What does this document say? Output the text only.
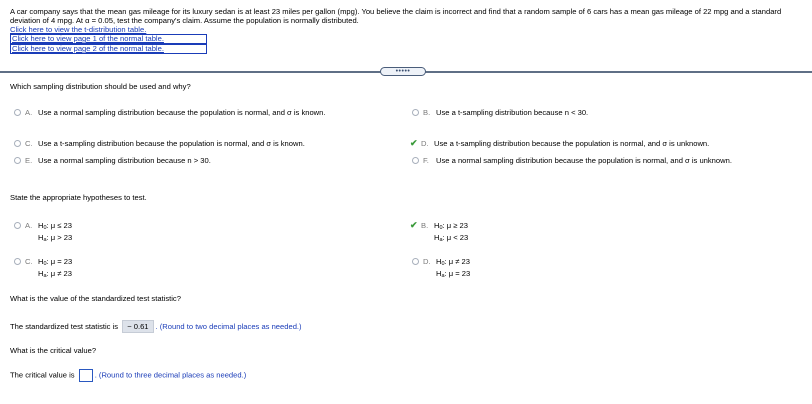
A car company says that the mean gas mileage for its luxury sedan is at least 23 miles per gallon (mpg). You believe the claim is incorrect and find that a random sample of 6 cars has a mean gas mileage of 22 mpg and a standard deviation of 4 mpg. At α = 0.05, test the company's claim. Assume the population is normally distributed.
Click here to view the t-distribution table.
Click here to view page 1 of the normal table.
Click here to view page 2 of the normal table.
•••••
Which sampling distribution should be used and why?
A. Use a normal sampling distribution because the population is normal, and σ is known.	B. Use a t-sampling distribution because n < 30.
C. Use a t-sampling distribution because the population is normal, and σ is known.	✔ D. Use a t-sampling distribution because the population is normal, and σ is unknown.
E. Use a normal sampling distribution because n > 30.	F. Use a normal sampling distribution because the population is normal, and σ is unknown.
State the appropriate hypotheses to test.
A. $H_0$: μ ≤ 23
$H_a$: μ > 23
✔ B. $H_0$: μ ≥ 23
$H_a$: μ < 23
C. $H_0$: μ = 23
$H_a$: μ ≠ 23
D. $H_0$: μ ≠ 23
$H_a$: μ = 23
What is the value of the standardized test statistic?
The standardized test statistic is − 0.61 . (Round to two decimal places as needed.)
What is the critical value?
The critical value is	. (Round to three decimal places as needed.)
